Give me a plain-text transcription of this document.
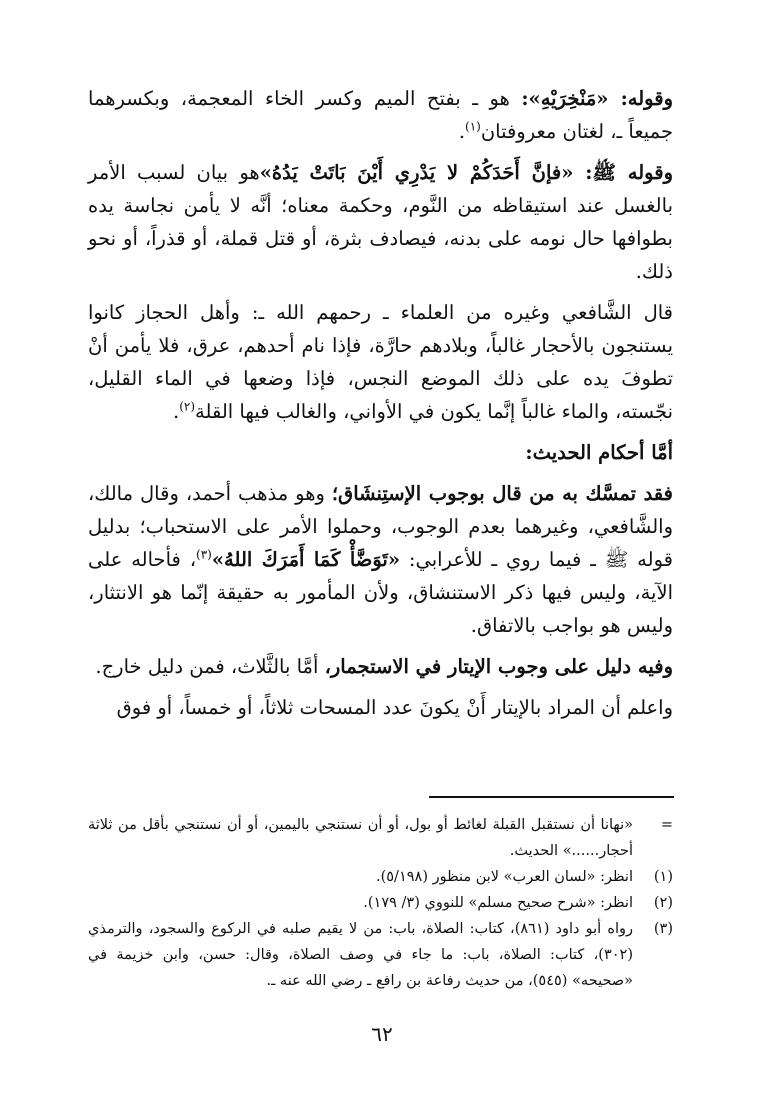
وقوله: «مَنْخِرَيْهِ»: هو ـ بفتح الميم وكسر الخاء المعجمة، وبكسرهما جميعاً ـ، لغتان معروفتان$^{(١)}$.

وقوله ﷺ: «فإنَّ أَحَدَكُمْ لا يَدْرِي أَيْنَ بَاتَتْ يَدُهُ»هو بيان لسبب الأمر بالغسل عند استيقاظه من النَّوم، وحكمة معناه؛ أنَّه لا يأمن نجاسة يده بطوافها حال نومه على بدنه، فيصادف بثرة، أو قتل قملة، أو قذراً، أو نحو ذلك.

قال الشَّافعي وغيره من العلماء ـ رحمهم الله ـ: وأهل الحجاز كانوا يستنجون بالأحجار غالباً، وبلادهم حارَّة، فإذا نام أحدهم، عرق، فلا يأمن أنْ تطوفَ يده على ذلك الموضع النجس، فإذا وضعها في الماء القليل، نجّسته، والماء غالباً إنَّما يكون في الأواني، والغالب فيها القلة$^{(٢)}$.

أمَّا أحكام الحديث:

فقد تمسَّك به من قال بوجوب الإستِنشَاق؛ وهو مذهب أحمد، وقال مالك، والشَّافعي، وغيرهما بعدم الوجوب، وحملوا الأمر على الاستحباب؛ بدليل قوله ﷺ ـ فيما روي ـ للأعرابي: «تَوَضَّأْ كَمَا أَمَرَكَ اللهُ»$^{(٣)}$، فأحاله على الآية، وليس فيها ذكر الاستنشاق، ولأن المأمور به حقيقة إنّما هو الانتثار، وليس هو بواجب بالاتفاق.

وفيه دليل على وجوب الإيتار في الاستجمار، أمَّا بالثَّلاث، فمن دليل خارج.

واعلم أن المراد بالإيتار أَنْ يكونَ عدد المسحات ثلاثاً، أو خمساً، أو فوق

=
«نهانا أن نستقبل القبلة لغائط أو بول، أو أن نستنجي باليمين، أو أن نستنجي بأقل من ثلاثة أحجار......» الحديث.
(١)
انظر: «لسان العرب» لابن منظور (٥/١٩٨).
(٢)
انظر: «شرح صحيح مسلم» للنووي (٣/ ١٧٩).
(٣)
رواه أبو داود (٨٦١)، كتاب: الصلاة، باب: من لا يقيم صلبه في الركوع والسجود، والترمذي (٣٠٢)، كتاب: الصلاة، باب: ما جاء في وصف الصلاة، وقال: حسن، وابن خزيمة في «صحيحه» (٥٤٥)، من حديث رفاعة بن رافع ـ رضي الله عنه ـ.
٦٢
